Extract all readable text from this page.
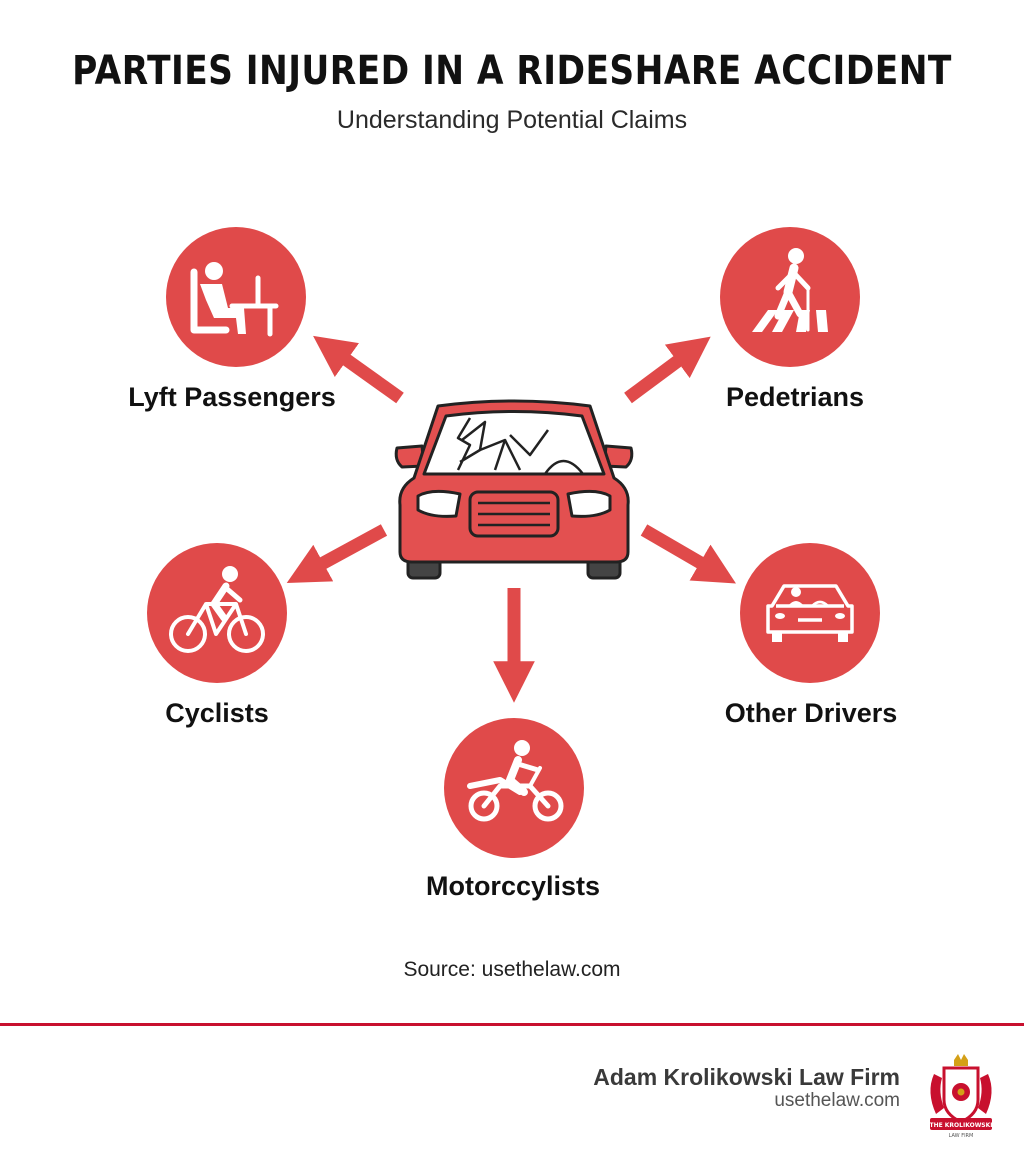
PARTIES INJURED IN A RIDESHARE ACCIDENT
Understanding Potential Claims
Lyft Passengers	Pedetrians
Cyclists	Other Drivers
Motorccylists
Source: usethelaw.com
Adam Krolikowski Law Firm
usethelaw.com
THE KROLIKOWSKI
LAW FIRM
